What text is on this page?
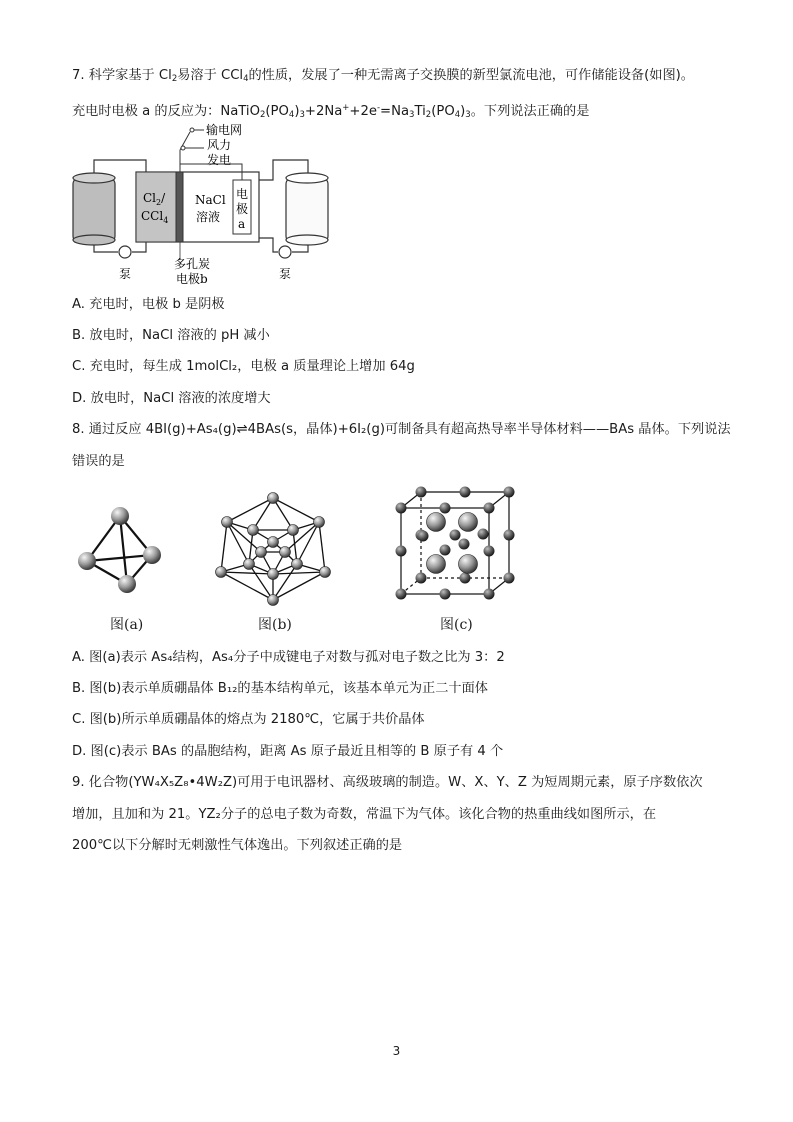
7. 科学家基于 $Cl_2$易溶于 CCl$_4$的性质，发展了一种无需离子交换膜的新型氯流电池，可作储能设备(如图)。
充电时电极 a 的反应为：$NaTiO_2(PO_4)_3+2Na^++2e^-=Na_3Ti_2(PO_4)_3$。下列说法正确的是
输电网
风力
发电
$Cl_2/$
CCl$_4$
NaCl
溶液
电
极
a
泵	泵
多孔炭
电极b
A. 充电时，电极 b 是阴极
B. 放电时，NaCl 溶液的 pH 减小
C. 充电时，每生成 1molCl₂，电极 a 质量理论上增加 64g
D. 放电时，NaCl 溶液的浓度增大
8. 通过反应 4BI(g)+As₄(g)⇌4BAs(s，晶体)+6I₂(g)可制备具有超高热导率半导体材料——BAs 晶体。下列说法
错误的是
图(a)	图(b)	图(c)
A. 图(a)表示 As₄结构，As₄分子中成键电子对数与孤对电子数之比为 3：2
B. 图(b)表示单质硼晶体 B₁₂的基本结构单元，该基本单元为正二十面体
C. 图(b)所示单质硼晶体的熔点为 2180℃，它属于共价晶体
D. 图(c)表示 BAs 的晶胞结构，距离 As 原子最近且相等的 B 原子有 4 个
9. 化合物(YW₄X₅Z₈•4W₂Z)可用于电讯器材、高级玻璃的制造。W、X、Y、Z 为短周期元素，原子序数依次
增加，且加和为 21。YZ₂分子的总电子数为奇数，常温下为气体。该化合物的热重曲线如图所示，在
200℃以下分解时无刺激性气体逸出。下列叙述正确的是
3
